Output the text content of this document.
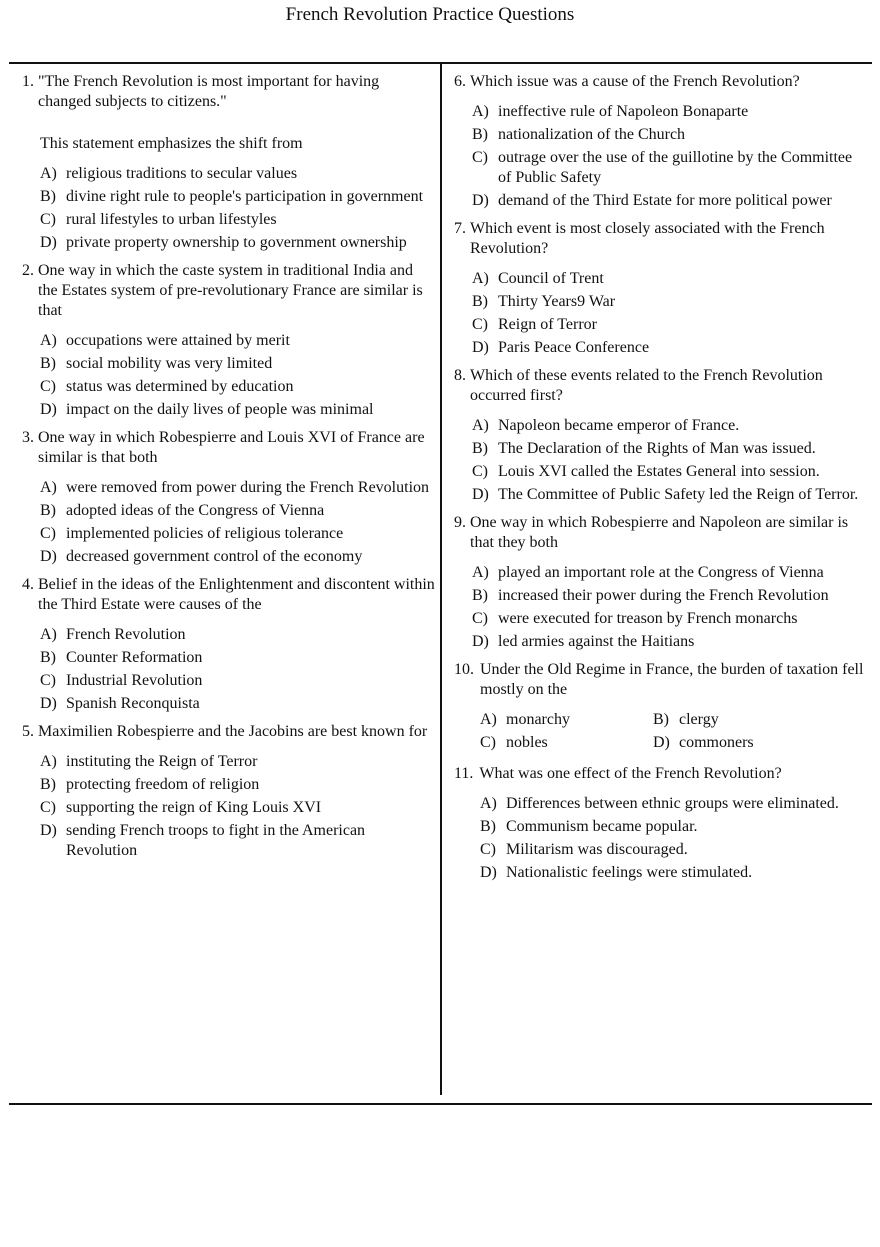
French Revolution Practice Questions
1. "The French Revolution is most important for having changed subjects to citizens."
This statement emphasizes the shift from
A) religious traditions to secular values
B) divine right rule to people's participation in government
C) rural lifestyles to urban lifestyles
D) private property ownership to government ownership
2. One way in which the caste system in traditional India and the Estates system of pre-revolutionary France are similar is that
A) occupations were attained by merit
B) social mobility was very limited
C) status was determined by education
D) impact on the daily lives of people was minimal
3. One way in which Robespierre and Louis XVI of France are similar is that both
A) were removed from power during the French Revolution
B) adopted ideas of the Congress of Vienna
C) implemented policies of religious tolerance
D) decreased government control of the economy
4. Belief in the ideas of the Enlightenment and discontent within the Third Estate were causes of the
A) French Revolution
B) Counter Reformation
C) Industrial Revolution
D) Spanish Reconquista
5. Maximilien Robespierre and the Jacobins are best known for
A) instituting the Reign of Terror
B) protecting freedom of religion
C) supporting the reign of King Louis XVI
D) sending French troops to fight in the American Revolution
6. Which issue was a cause of the French Revolution?
A) ineffective rule of Napoleon Bonaparte
B) nationalization of the Church
C) outrage over the use of the guillotine by the Committee of Public Safety
D) demand of the Third Estate for more political power
7. Which event is most closely associated with the French Revolution?
A) Council of Trent
B) Thirty Years9 War
C) Reign of Terror
D) Paris Peace Conference
8. Which of these events related to the French Revolution occurred first?
A) Napoleon became emperor of France.
B) The Declaration of the Rights of Man was issued.
C) Louis XVI called the Estates General into session.
D) The Committee of Public Safety led the Reign of Terror.
9. One way in which Robespierre and Napoleon are similar is that they both
A) played an important role at the Congress of Vienna
B) increased their power during the French Revolution
C) were executed for treason by French monarchs
D) led armies against the Haitians
10. Under the Old Regime in France, the burden of taxation fell mostly on the
A) monarchy	B) clergy
C) nobles	D) commoners
11. What was one effect of the French Revolution?
A) Differences between ethnic groups were eliminated.
B) Communism became popular.
C) Militarism was discouraged.
D) Nationalistic feelings were stimulated.
